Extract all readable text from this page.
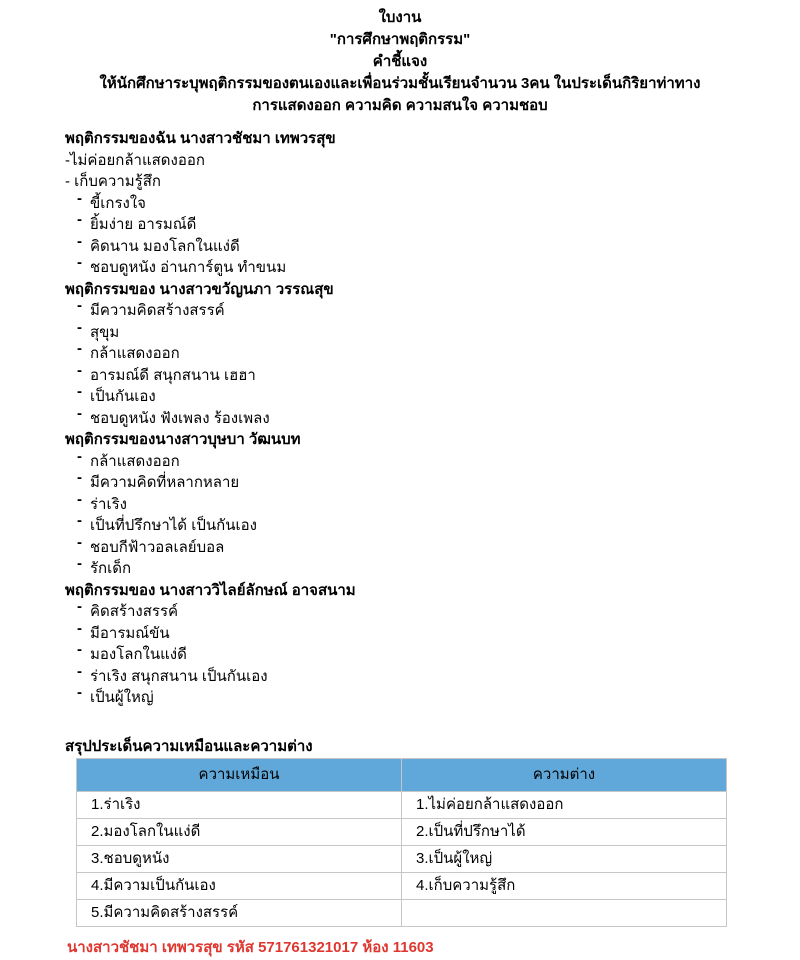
ใบงาน
"การศึกษาพฤติกรรม"
คำชี้แจง
ให้นักศึกษาระบุพฤติกรรมของตนเองและเพื่อนร่วมชั้นเรียนจำนวน 3คน ในประเด็นกิริยาท่าทาง
การแสดงออก ความคิด ความสนใจ ความชอบ
พฤติกรรมของฉัน นางสาวชัชมา เทพวรสุข
-ไม่ค่อยกล้าแสดงออก
- เก็บความรู้สึก
- ขี้เกรงใจ
- ยิ้มง่าย อารมณ์ดี
- คิดนาน มองโลกในแง่ดี
- ชอบดูหนัง อ่านการ์ตูน ทำขนม
พฤติกรรมของ นางสาวขวัญนภา วรรณสุข
- มีความคิดสร้างสรรค์
- สุขุม
- กล้าแสดงออก
- อารมณ์ดี สนุกสนาน เฮฮา
- เป็นกันเอง
- ชอบดูหนัง ฟังเพลง ร้องเพลง
พฤติกรรมของนางสาวบุษบา วัฒนบท
- กล้าแสดงออก
- มีความคิดที่หลากหลาย
- ร่าเริง
- เป็นที่ปรึกษาได้ เป็นกันเอง
- ชอบกีฟ้าวอลเลย์บอล
- รักเด็ก
พฤติกรรมของ นางสาววิไลย์ลักษณ์ อาจสนาม
- คิดสร้างสรรค์
- มีอารมณ์ขัน
- มองโลกในแง่ดี
- ร่าเริง สนุกสนาน เป็นกันเอง
- เป็นผู้ใหญ่
สรุปประเด็นความเหมือนและความต่าง
ความเหมือน	ความต่าง
1.ร่าเริง	1.ไม่ค่อยกล้าแสดงออก
2.มองโลกในแง่ดี	2.เป็นที่ปรึกษาได้
3.ชอบดูหนัง	3.เป็นผู้ใหญ่
4.มีความเป็นกันเอง	4.เก็บความรู้สึก
5.มีความคิดสร้างสรรค์	
นางสาวชัชมา เทพวรสุข รหัส 571761321017 ห้อง 11603
